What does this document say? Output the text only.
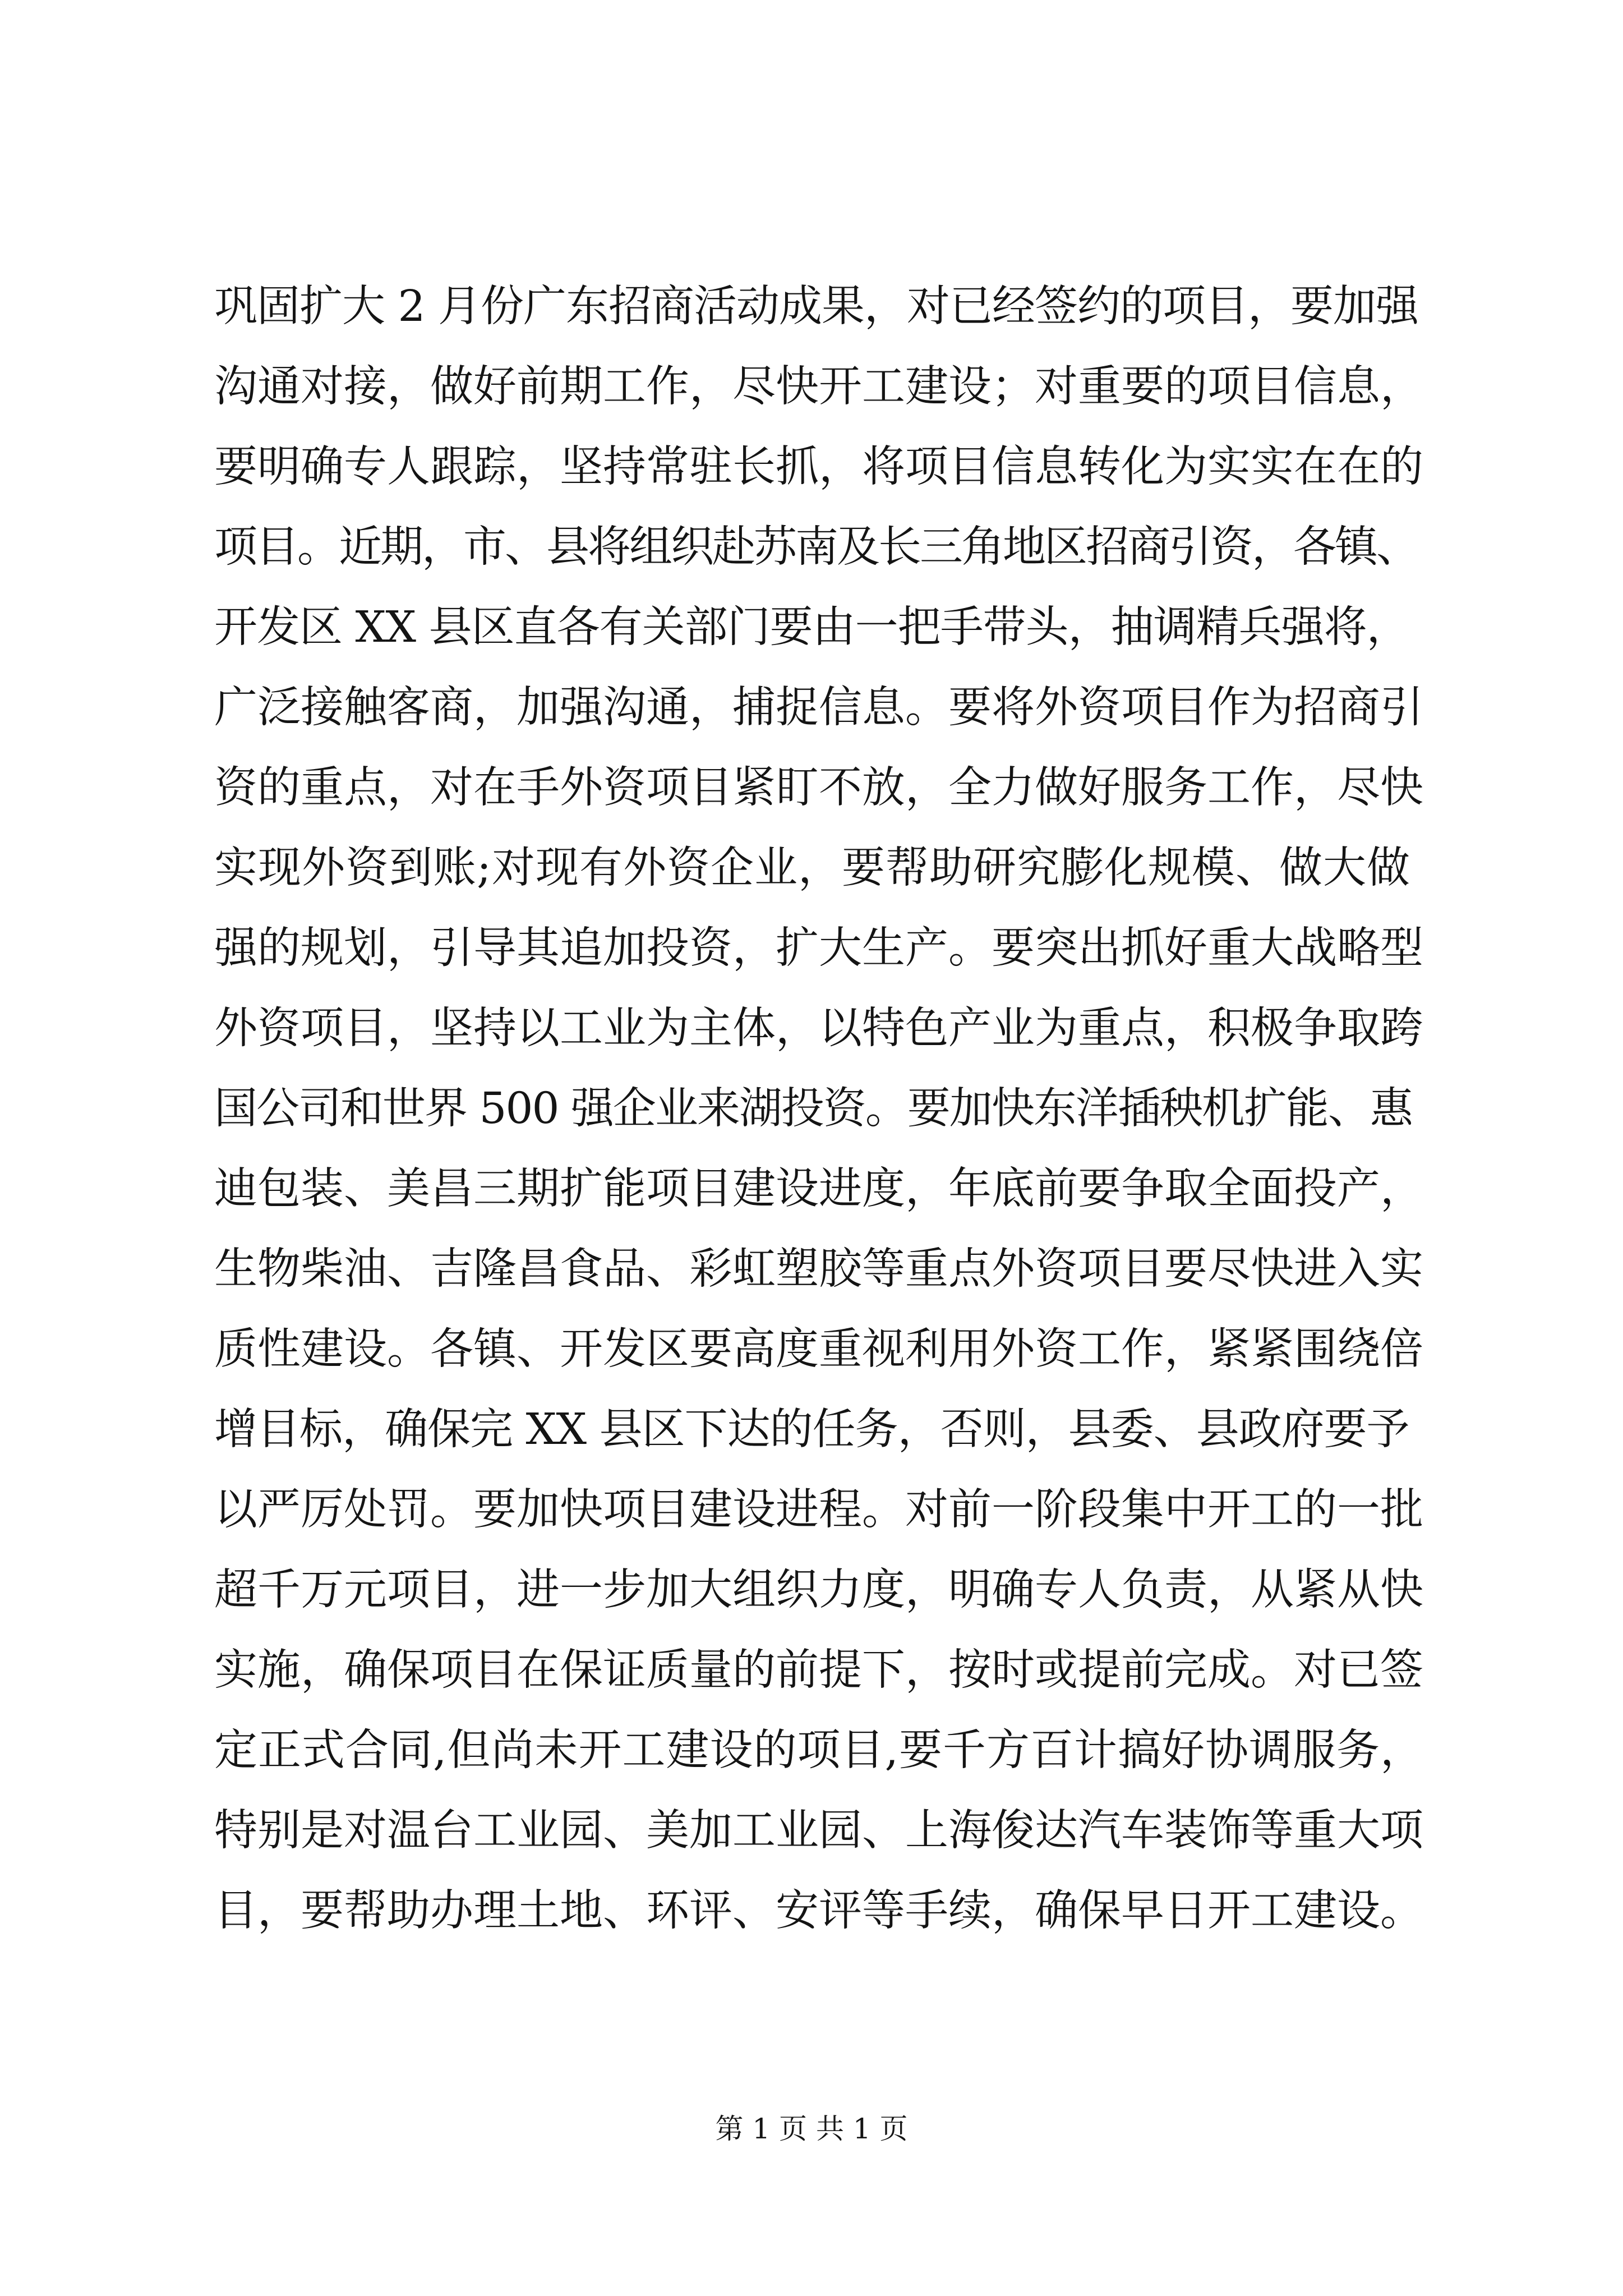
巩固扩大 2 月份广东招商活动成果，对已经签约的项目，要加强
沟通对接，做好前期工作，尽快开工建设；对重要的项目信息，
要明确专人跟踪，坚持常驻长抓，将项目信息转化为实实在在的
项目。近期，市、县将组织赴苏南及长三角地区招商引资，各镇、
开发区 XX 县区直各有关部门要由一把手带头，抽调精兵强将，
广泛接触客商，加强沟通，捕捉信息。要将外资项目作为招商引
资的重点，对在手外资项目紧盯不放，全力做好服务工作，尽快
实现外资到账;对现有外资企业，要帮助研究膨化规模、做大做
强的规划，引导其追加投资，扩大生产。要突出抓好重大战略型
外资项目，坚持以工业为主体，以特色产业为重点，积极争取跨
国公司和世界 500 强企业来湖投资。要加快东洋插秧机扩能、惠
迪包装、美昌三期扩能项目建设进度，年底前要争取全面投产，
生物柴油、吉隆昌食品、彩虹塑胶等重点外资项目要尽快进入实
质性建设。各镇、开发区要高度重视利用外资工作，紧紧围绕倍
增目标，确保完 XX 县区下达的任务，否则，县委、县政府要予
以严厉处罚。要加快项目建设进程。对前一阶段集中开工的一批
超千万元项目，进一步加大组织力度，明确专人负责，从紧从快
实施，确保项目在保证质量的前提下，按时或提前完成。对已签
定正式合同,但尚未开工建设的项目,要千方百计搞好协调服务，
特别是对温台工业园、美加工业园、上海俊达汽车装饰等重大项
目，要帮助办理土地、环评、安评等手续，确保早日开工建设。
第 1 页 共 1 页
